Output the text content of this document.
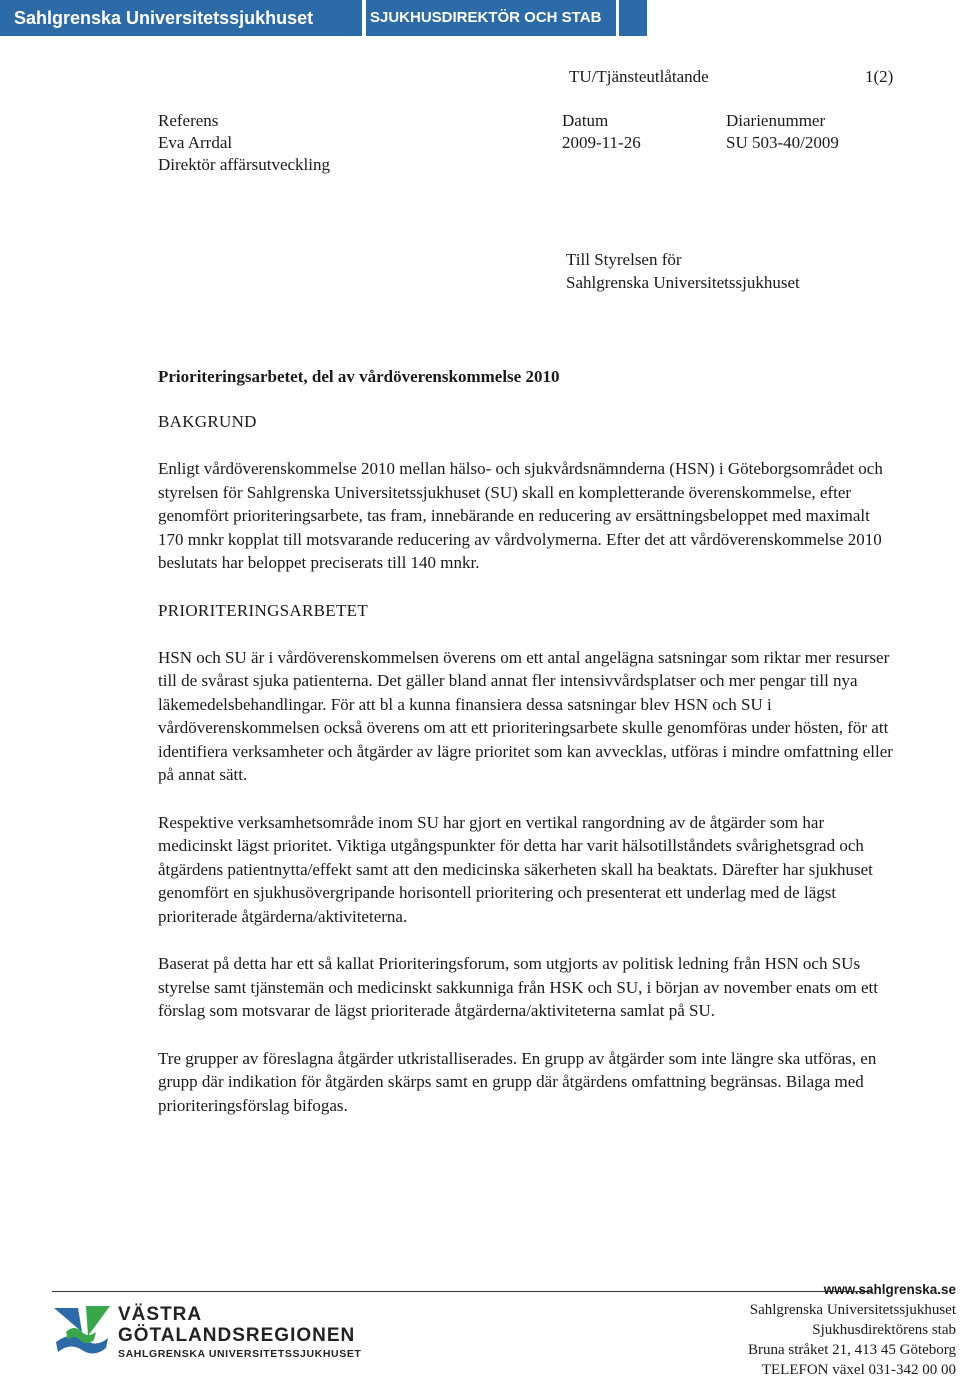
Sahlgrenska Universitetssjukhuset	SJUKHUSDIREKTÖR OCH STAB
TU/Tjänsteutlåtande	1(2)
Referens
Eva Arrdal
Direktör affärsutveckling
Datum
2009-11-26
Diarienummer
SU 503-40/2009
Till Styrelsen för
Sahlgrenska Universitetssjukhuset
Prioriteringsarbetet, del av vårdöverenskommelse 2010
BAKGRUND

Enligt vårdöverenskommelse 2010 mellan hälso- och sjukvårdsnämnderna (HSN) i Göteborgsområdet och styrelsen för Sahlgrenska Universitetssjukhuset (SU) skall en kompletterande överenskommelse, efter genomfört prioriteringsarbete, tas fram, innebärande en reducering av ersättningsbeloppet med maximalt 170 mnkr kopplat till motsvarande reducering av vårdvolymerna. Efter det att vårdöverenskommelse 2010 beslutats har beloppet preciserats till 140 mnkr.

PRIORITERINGSARBETET

HSN och SU är i vårdöverenskommelsen överens om ett antal angelägna satsningar som riktar mer resurser till de svårast sjuka patienterna. Det gäller bland annat fler intensivvårdsplatser och mer pengar till nya läkemedelsbehandlingar. För att bl a kunna finansiera dessa satsningar blev HSN och SU i vårdöverenskommelsen också överens om att ett prioriteringsarbete skulle genomföras under hösten, för att identifiera verksamheter och åtgärder av lägre prioritet som kan avvecklas, utföras i mindre omfattning eller på annat sätt.

Respektive verksamhetsområde inom SU har gjort en vertikal rangordning av de åtgärder som har medicinskt lägst prioritet. Viktiga utgångspunkter för detta har varit hälsotillståndets svårighetsgrad och åtgärdens patientnytta/effekt samt att den medicinska säkerheten skall ha beaktats. Därefter har sjukhuset genomfört en sjukhusövergripande horisontell prioritering och presenterat ett underlag med de lägst prioriterade åtgärderna/aktiviteterna.

Baserat på detta har ett så kallat Prioriteringsforum, som utgjorts av politisk ledning från HSN och SUs styrelse samt tjänstemän och medicinskt sakkunniga från HSK och SU, i början av november enats om ett förslag som motsvarar de lägst prioriterade åtgärderna/aktiviteterna samlat på SU.

Tre grupper av föreslagna åtgärder utkristalliserades. En grupp av åtgärder som inte längre ska utföras, en grupp där indikation för åtgärden skärps samt en grupp där åtgärdens omfattning begränsas. Bilaga med prioriteringsförslag bifogas.

VÄSTRA
GÖTALANDSREGIONEN
SAHLGRENSKA UNIVERSITETSSJUKHUSET
www.sahlgrenska.se
Sahlgrenska Universitetssjukhuset
Sjukhusdirektörens stab
Bruna stråket 21, 413 45 Göteborg
TELEFON växel 031-342 00 00
